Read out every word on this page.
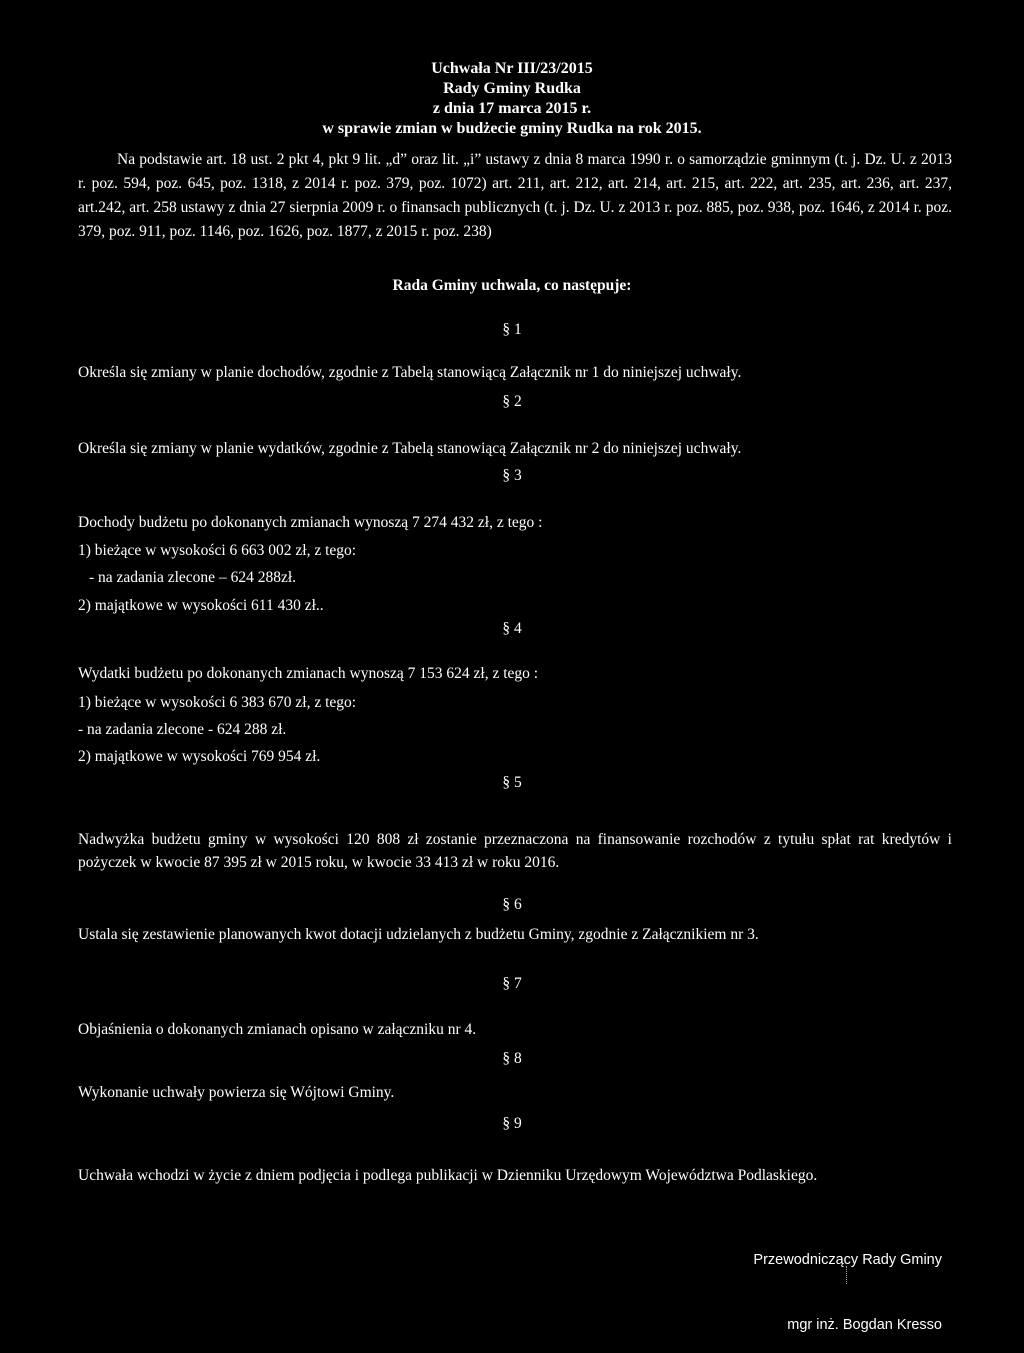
Uchwała Nr III/23/2015
Rady Gminy Rudka
z dnia 17 marca 2015 r.
w sprawie zmian w budżecie gminy Rudka na rok 2015.
Na podstawie art. 18 ust. 2 pkt 4, pkt 9 lit. „d” oraz lit. „i” ustawy z dnia 8 marca 1990 r. o samorządzie gminnym (t. j. Dz. U. z 2013 r. poz. 594, poz. 645, poz. 1318, z 2014 r. poz. 379, poz. 1072) art. 211, art. 212, art. 214, art. 215, art. 222, art. 235, art. 236, art. 237, art.242, art. 258 ustawy z dnia 27 sierpnia 2009 r. o finansach publicznych (t. j. Dz. U. z 2013 r. poz. 885, poz. 938, poz. 1646, z 2014 r. poz. 379, poz. 911, poz. 1146, poz. 1626, poz. 1877, z 2015 r. poz. 238)
Rada Gminy uchwala, co następuje:
§ 1
Określa się zmiany w planie dochodów, zgodnie z Tabelą stanowiącą Załącznik nr 1 do niniejszej uchwały.
§ 2
Określa się zmiany w planie wydatków, zgodnie z Tabelą stanowiącą Załącznik nr 2 do niniejszej uchwały.
§ 3
Dochody budżetu po dokonanych zmianach wynoszą 7 274 432 zł, z tego :
1) bieżące w wysokości 6 663 002 zł, z tego:
- na zadania zlecone – 624 288zł.
2) majątkowe w wysokości 611 430 zł..
§ 4
Wydatki budżetu po dokonanych zmianach wynoszą 7 153 624 zł, z tego :
1) bieżące w wysokości 6 383 670 zł, z tego:
- na zadania zlecone - 624 288 zł.
2) majątkowe w wysokości 769 954 zł.
§ 5
Nadwyżka budżetu gminy w wysokości 120 808 zł zostanie przeznaczona na finansowanie rozchodów z tytułu spłat rat kredytów i pożyczek w kwocie 87 395 zł w 2015 roku, w kwocie 33 413 zł w roku 2016.
§ 6
Ustala się zestawienie planowanych kwot dotacji udzielanych z budżetu Gminy, zgodnie z Załącznikiem nr 3.
§ 7
Objaśnienia o dokonanych zmianach opisano w załączniku nr 4.
§ 8
Wykonanie uchwały powierza się Wójtowi Gminy.
§ 9
Uchwała wchodzi w życie z dniem podjęcia i podlega publikacji w Dzienniku Urzędowym Województwa Podlaskiego.
Przewodniczący Rady Gminy
mgr inż. Bogdan Kresso
